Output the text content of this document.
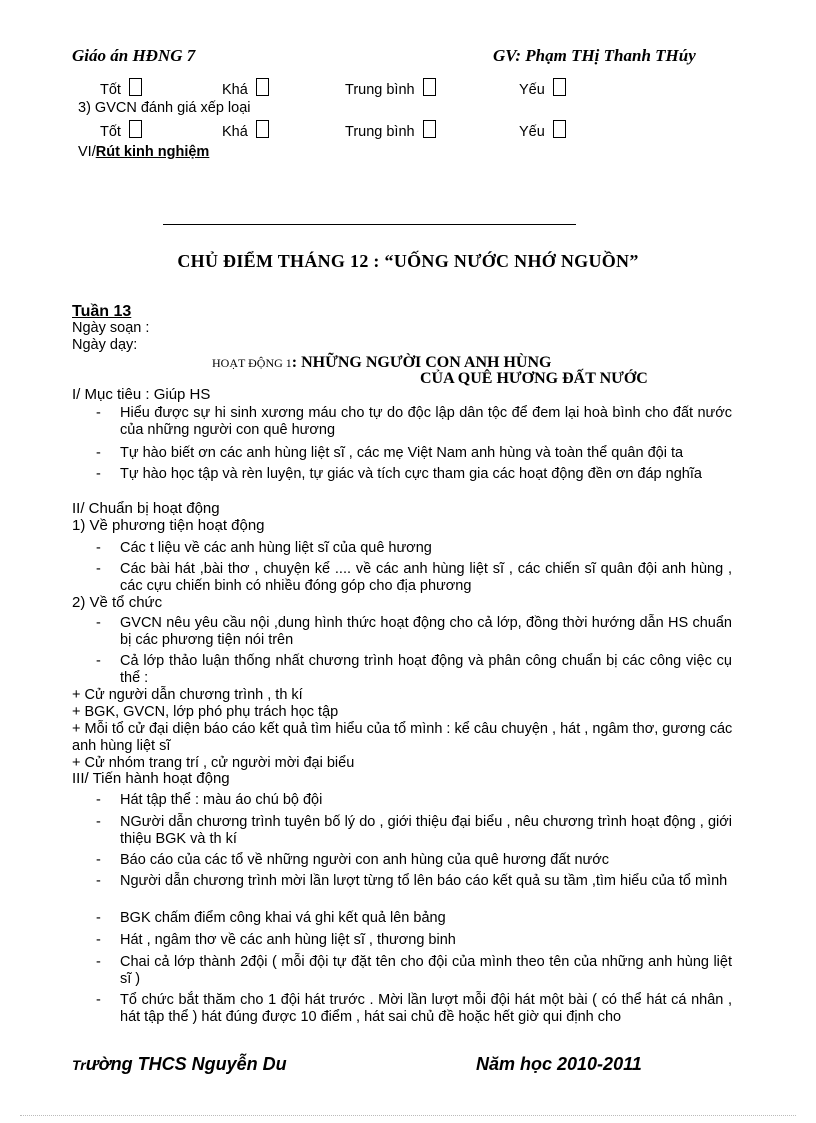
Giáo án HĐNG 7	GV: Phạm THị Thanh THúy
Tốt	Khá	Trung bình	Yếu
3) GVCN đánh giá xếp loại
Tốt	Khá	Trung bình	Yếu
VI/Rút kinh nghiệm
CHỦ ĐIỂM THÁNG 12 : “UỐNG NƯỚC NHỚ NGUỒN”
Tuần 13
Ngày soạn :
Ngày dạy:
HOẠT ĐỘNG 1: NHỮNG NGƯỜI CON ANH HÙNG
CỦA QUÊ HƯƠNG ĐẤT NƯỚC
I/ Mục tiêu : Giúp HS
- Hiểu được sự hi sinh xương máu cho tự do độc lập dân tộc để đem lại hoà bình cho đất nước của những người con quê hương
- Tự hào biết ơn các anh hùng liệt sĩ , các mẹ Việt Nam anh hùng và toàn thể quân đội ta
- Tự hào học tập và rèn luyện, tự giác và tích cực tham gia các hoạt động đền ơn đáp nghĩa
II/ Chuẩn bị hoạt động
1) Về phương tiện hoạt động
- Các t liệu về các anh hùng liệt sĩ của quê hương
- Các bài hát ,bài thơ , chuyện kể .... về các anh hùng liệt sĩ , các chiến sĩ quân đội anh hùng , các cựu chiến binh có nhiều đóng góp cho địa phương
2) Về tổ chức
- GVCN nêu yêu cầu nội ,dung hình thức hoạt động cho cả lớp, đồng thời hướng dẫn HS chuẩn bị các phương tiện nói trên
- Cả lớp thảo luận thống nhất chương trình hoạt động và phân công chuẩn bị các công việc cụ thể :
+ Cử người dẫn chương trình , th kí
+ BGK, GVCN, lớp phó phụ trách học tập
+ Mỗi tổ cử đại diện báo cáo kết quả tìm hiểu của tổ mình : kể câu chuyện , hát , ngâm thơ, gương các anh hùng liệt sĩ
+ Cử nhóm trang trí , cử người mời đại biểu
III/ Tiến hành hoạt động
- Hát tập thể : màu áo chú bộ đội
- NGười dẫn chương trình tuyên bố lý do , giới thiệu đại biểu , nêu chương trình hoạt động , giới thiệu BGK và th kí
- Báo cáo của các tổ về những người con anh hùng của quê hương đất nước
- Người dẫn chương trình mời lần lượt từng tổ lên báo cáo kết quả su tầm ,tìm hiểu của tổ mình
- BGK chấm điểm công khai vá ghi kết quả lên bảng
- Hát , ngâm thơ về các anh hùng liệt sĩ , thương binh
- Chai cả lớp thành 2đội ( mỗi đội tự đặt tên cho đội của mình theo tên của những anh hùng liệt sĩ )
- Tổ chức bắt thăm cho 1 đội hát trước . Mời lần lượt mỗi đội hát một bài ( có thể hát cá nhân , hát tập thể ) hát đúng được 10 điểm , hát sai chủ đề hoặc hết giờ qui định cho
Trường THCS Nguyễn Du	Năm học 2010-2011
